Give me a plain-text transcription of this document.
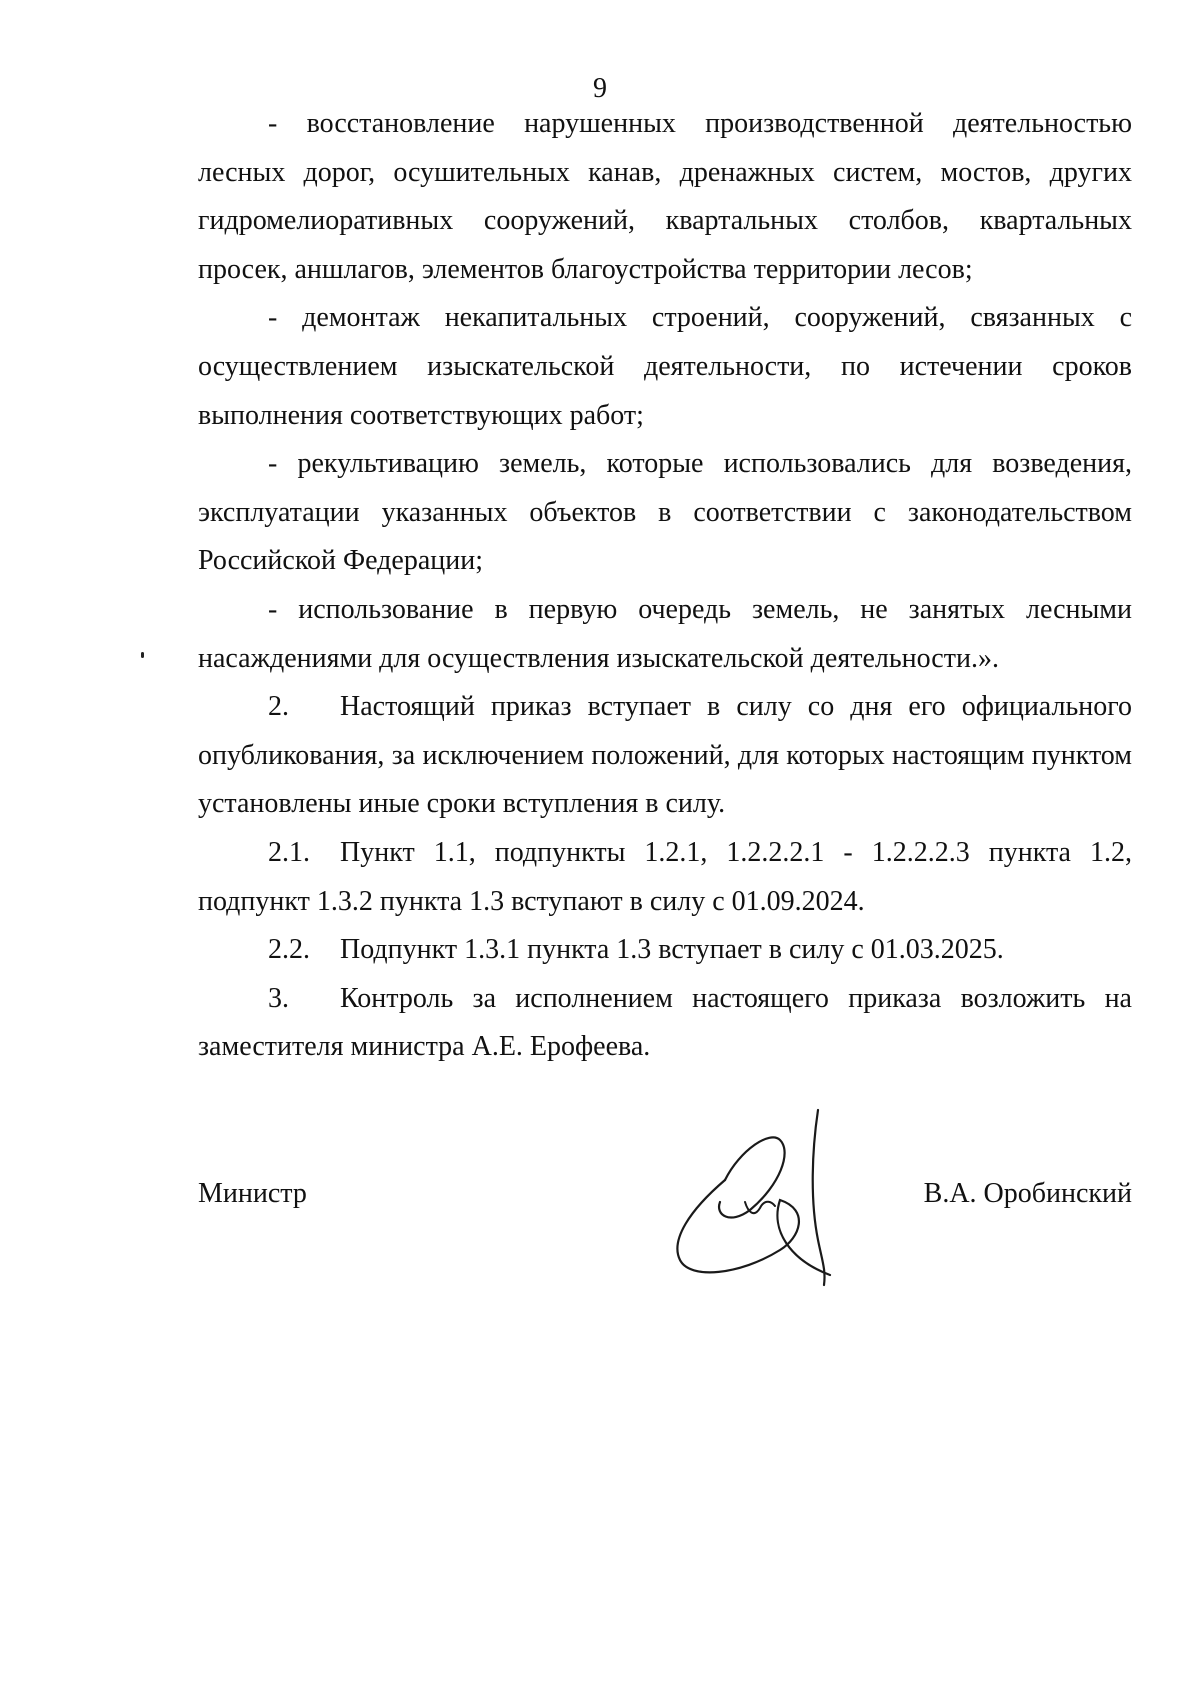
9

- восстановление нарушенных производственной деятельностью лесных дорог, осушительных канав, дренажных систем, мостов, других гидромелиоративных сооружений, квартальных столбов, квартальных просек, аншлагов, элементов благоустройства территории лесов;

- демонтаж некапитальных строений, сооружений, связанных с осуществлением изыскательской деятельности, по истечении сроков выполнения соответствующих работ;

- рекультивацию земель, которые использовались для возведения, эксплуатации указанных объектов в соответствии с законодательством Российской Федерации;

- использование в первую очередь земель, не занятых лесными насаждениями для осуществления изыскательской деятельности.».

2. Настоящий приказ вступает в силу со дня его официального опубликования, за исключением положений, для которых настоящим пунктом установлены иные сроки вступления в силу.

2.1. Пункт 1.1, подпункты 1.2.1, 1.2.2.2.1 - 1.2.2.2.3 пункта 1.2, подпункт 1.3.2 пункта 1.3 вступают в силу с 01.09.2024.

2.2. Подпункт 1.3.1 пункта 1.3 вступает в силу с 01.03.2025.

3. Контроль за исполнением настоящего приказа возложить на заместителя министра А.Е. Ерофеева.

Министр	В.А. Оробинский
